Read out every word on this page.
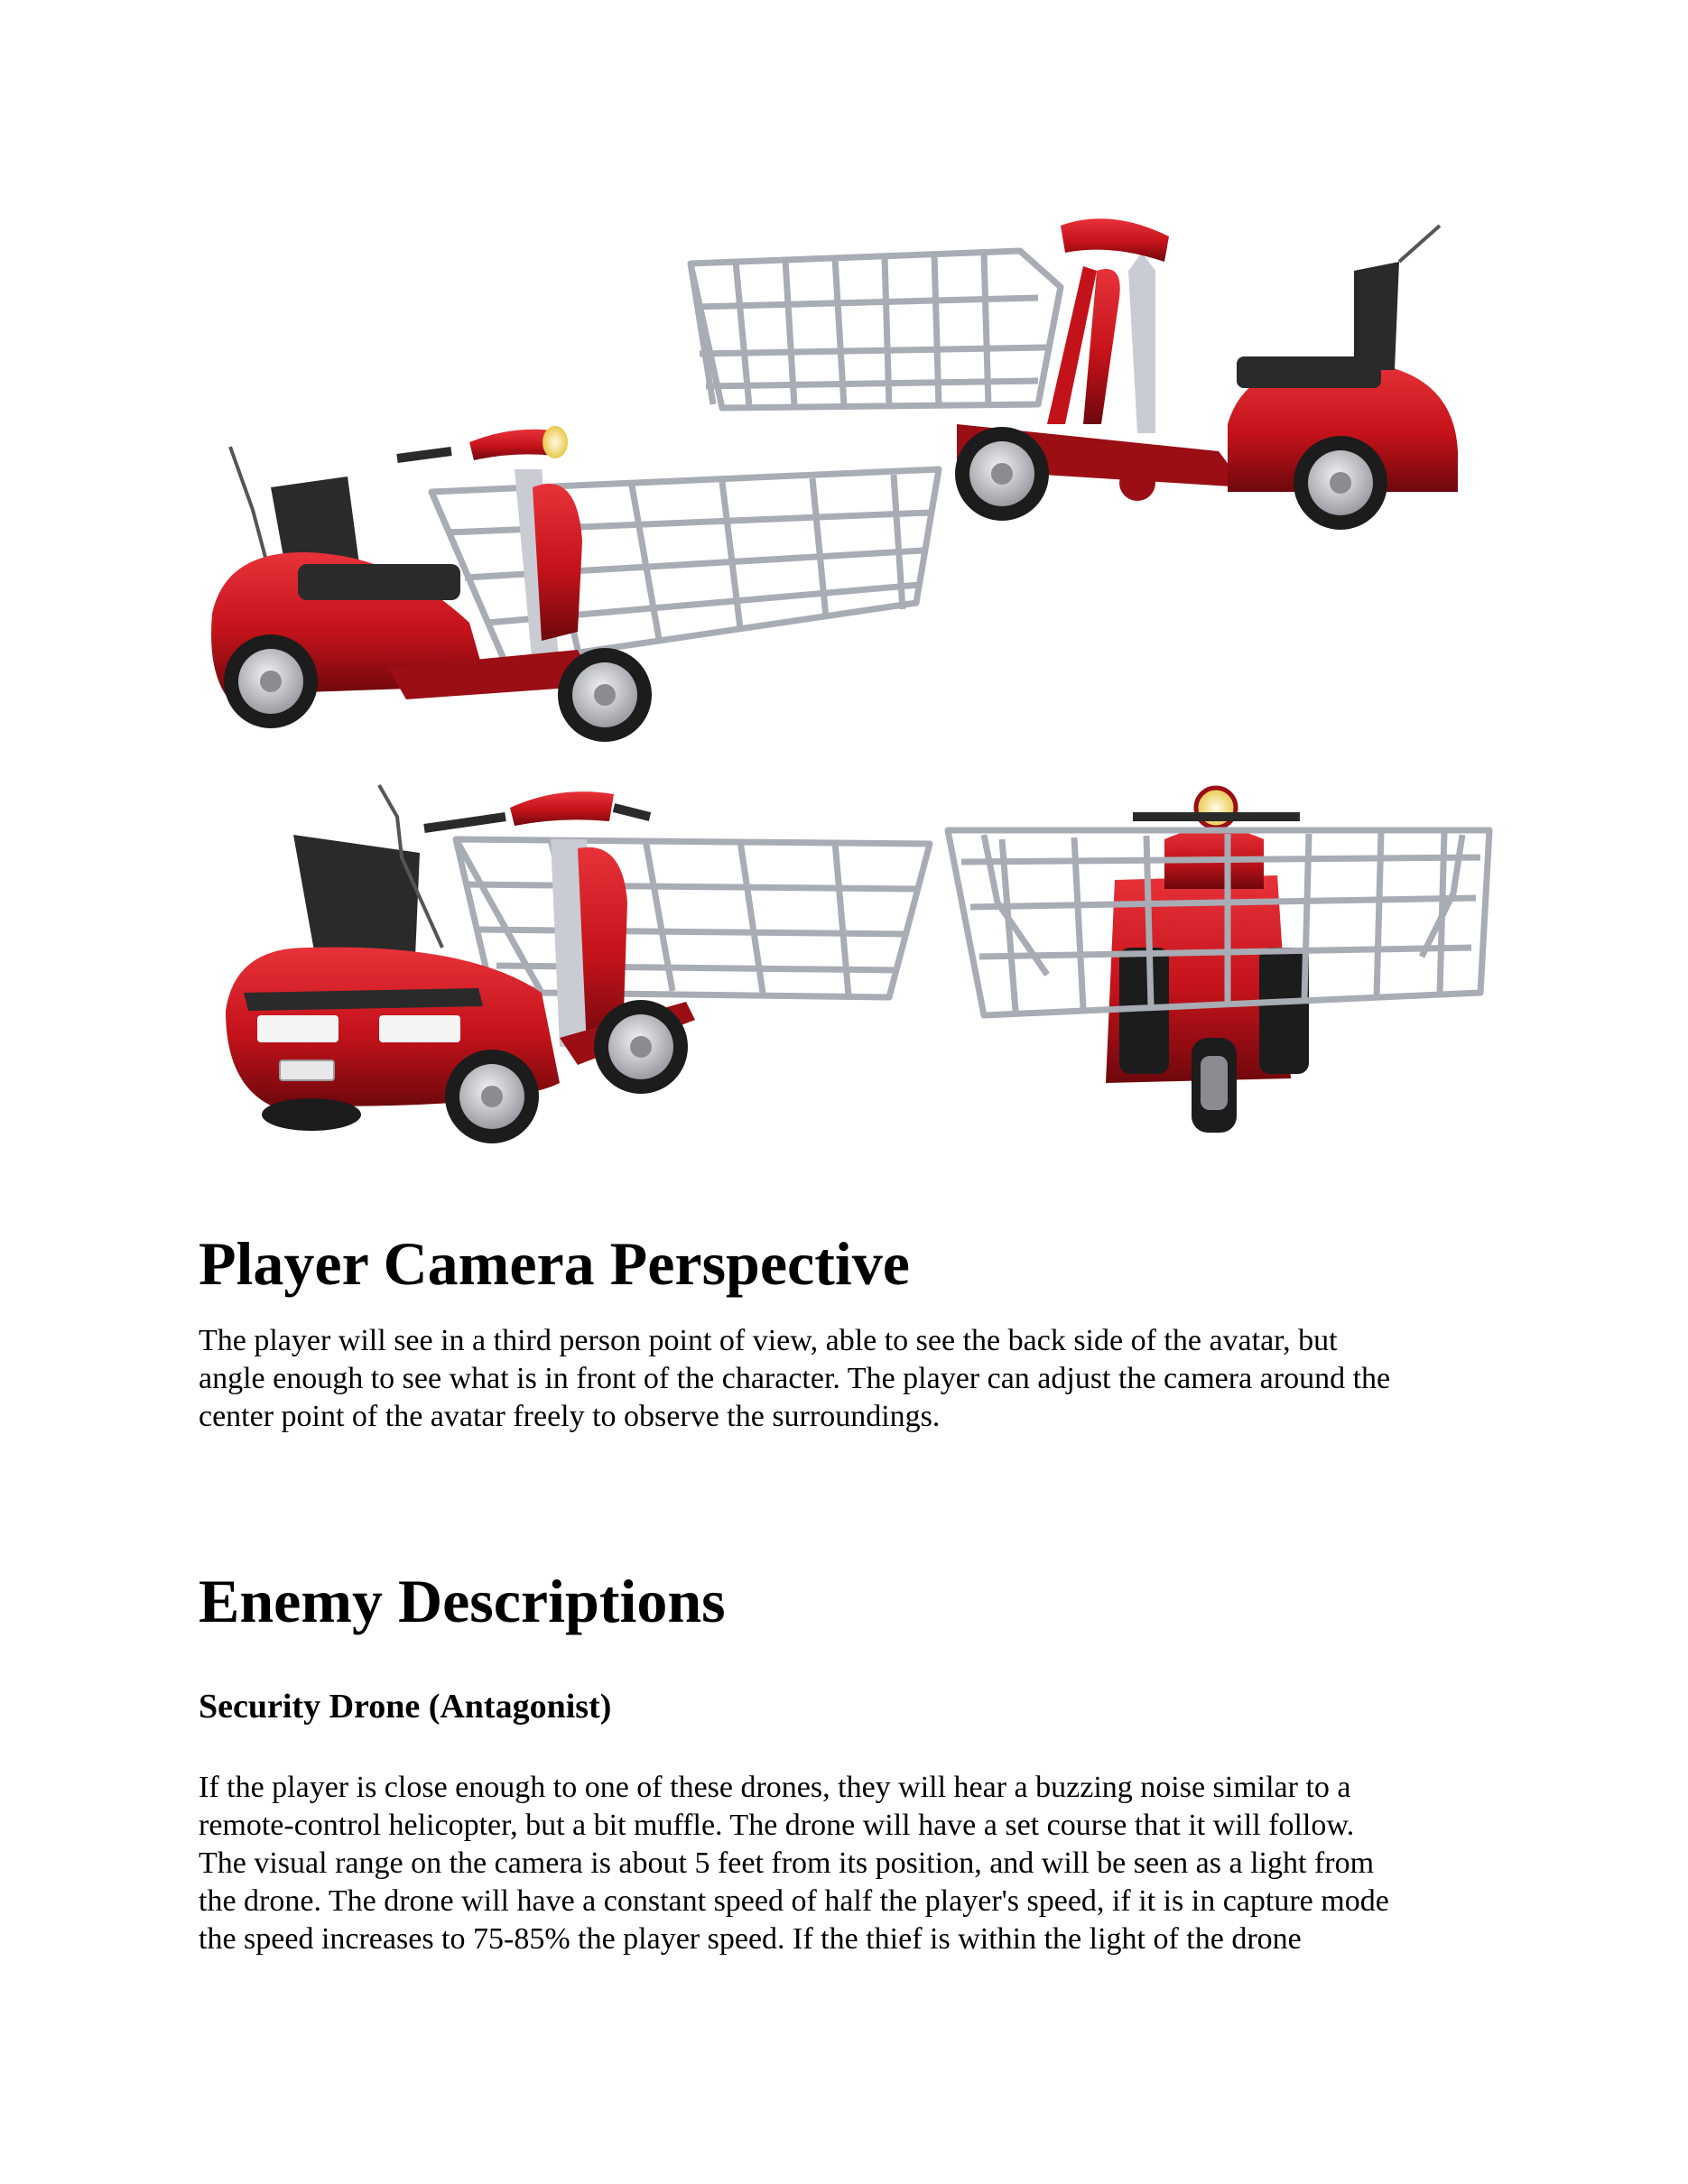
Player Camera Perspective

The player will see in a third person point of view, able to see the back side of the avatar, but
angle enough to see what is in front of the character. The player can adjust the camera around the
center point of the avatar freely to observe the surroundings.

Enemy Descriptions
Security Drone (Antagonist)

If the player is close enough to one of these drones, they will hear a buzzing noise similar to a
remote-control helicopter, but a bit muffle. The drone will have a set course that it will follow.
The visual range on the camera is about 5 feet from its position, and will be seen as a light from
the drone. The drone will have a constant speed of half the player's speed, if it is in capture mode
the speed increases to 75-85% the player speed. If the thief is within the light of the drone
